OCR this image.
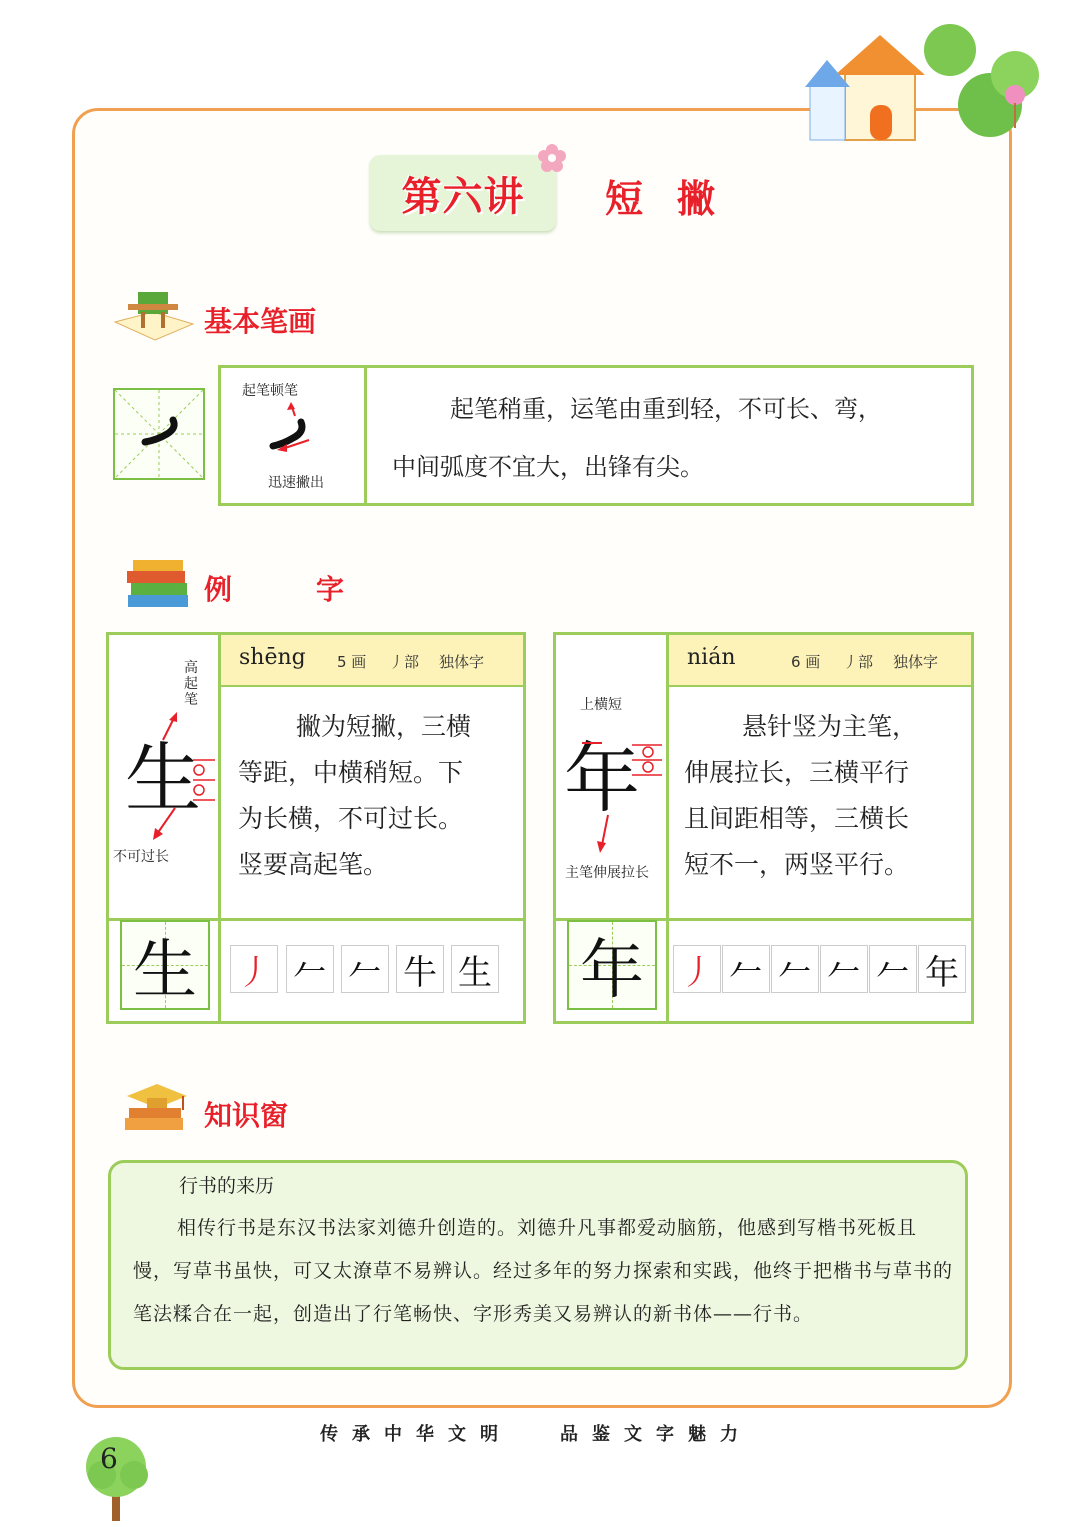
第六讲 短撇
基本笔画
起笔顿笔
迅速撇出
起笔稍重，运笔由重到轻，不可长、弯，
中间弧度不宜大，出锋有尖。
例　字
shēng 5 画 丿部 独体字
高起笔
生
不可过长
撇为短撇，三横
等距，中横稍短。下
为长横，不可过长。
竖要高起笔。
生	丿 𠂉 𠂉 牛 生
nián	6 画 丿部 独体字
上横短
年
主笔伸展拉长
悬针竖为主笔，
伸展拉长，三横平行
且间距相等，三横长
短不一，两竖平行。
年	丿 𠂉 𠂉 𠂉 𠂉 年
知识窗
行书的来历
相传行书是东汉书法家刘德升创造的。刘德升凡事都爱动脑筋，他感到写楷书死板且慢，写草书虽快，可又太潦草不易辨认。经过多年的努力探索和实践，他终于把楷书与草书的笔法糅合在一起，创造出了行笔畅快、字形秀美又易辨认的新书体——行书。
传承中华文明	品鉴文字魅力
6
